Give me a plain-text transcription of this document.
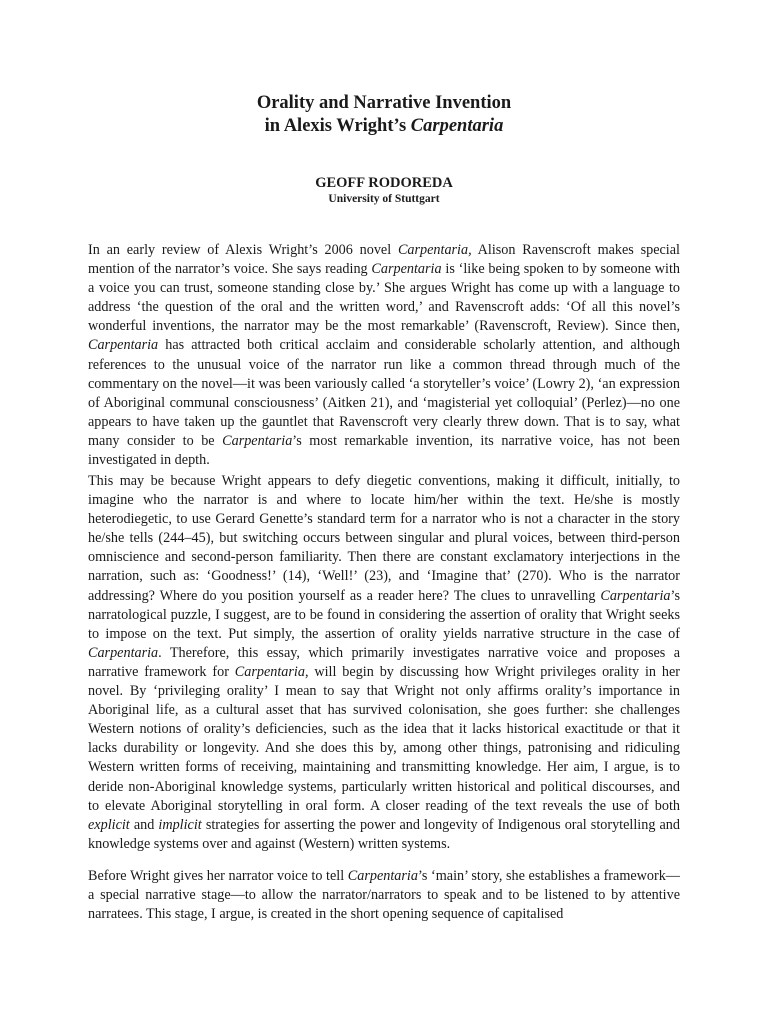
Orality and Narrative Invention
in Alexis Wright’s Carpentaria
GEOFF RODOREDA
University of Stuttgart

In an early review of Alexis Wright’s 2006 novel Carpentaria, Alison Ravenscroft makes special mention of the narrator’s voice. She says reading Carpentaria is ‘like being spoken to by someone with a voice you can trust, someone standing close by.’ She argues Wright has come up with a language to address ‘the question of the oral and the written word,’ and Ravenscroft adds: ‘Of all this novel’s wonderful inventions, the narrator may be the most remarkable’ (Ravenscroft, Review). Since then, Carpentaria has attracted both critical acclaim and considerable scholarly attention, and although references to the unusual voice of the narrator run like a common thread through much of the commentary on the novel—it was been variously called ‘a storyteller’s voice’ (Lowry 2), ‘an expression of Aboriginal communal consciousness’ (Aitken 21), and ‘magisterial yet colloquial’ (Perlez)—no one appears to have taken up the gauntlet that Ravenscroft very clearly threw down. That is to say, what many consider to be Carpentaria’s most remarkable invention, its narrative voice, has not been investigated in depth.

This may be because Wright appears to defy diegetic conventions, making it difficult, initially, to imagine who the narrator is and where to locate him/her within the text. He/she is mostly heterodiegetic, to use Gerard Genette’s standard term for a narrator who is not a character in the story he/she tells (244–45), but switching occurs between singular and plural voices, between third-person omniscience and second-person familiarity. Then there are constant exclamatory interjections in the narration, such as: ‘Goodness!’ (14), ‘Well!’ (23), and ‘Imagine that’ (270). Who is the narrator addressing? Where do you position yourself as a reader here? The clues to unravelling Carpentaria’s narratological puzzle, I suggest, are to be found in considering the assertion of orality that Wright seeks to impose on the text. Put simply, the assertion of orality yields narrative structure in the case of Carpentaria. Therefore, this essay, which primarily investigates narrative voice and proposes a narrative framework for Carpentaria, will begin by discussing how Wright privileges orality in her novel. By ‘privileging orality’ I mean to say that Wright not only affirms orality’s importance in Aboriginal life, as a cultural asset that has survived colonisation, she goes further: she challenges Western notions of orality’s deficiencies, such as the idea that it lacks historical exactitude or that it lacks durability or longevity. And she does this by, among other things, patronising and ridiculing Western written forms of receiving, maintaining and transmitting knowledge. Her aim, I argue, is to deride non-Aboriginal knowledge systems, particularly written historical and political discourses, and to elevate Aboriginal storytelling in oral form. A closer reading of the text reveals the use of both explicit and implicit strategies for asserting the power and longevity of Indigenous oral storytelling and knowledge systems over and against (Western) written systems.

Before Wright gives her narrator voice to tell Carpentaria’s ‘main’ story, she establishes a framework—a special narrative stage—to allow the narrator/narrators to speak and to be listened to by attentive narratees. This stage, I argue, is created in the short opening sequence of capitalised
